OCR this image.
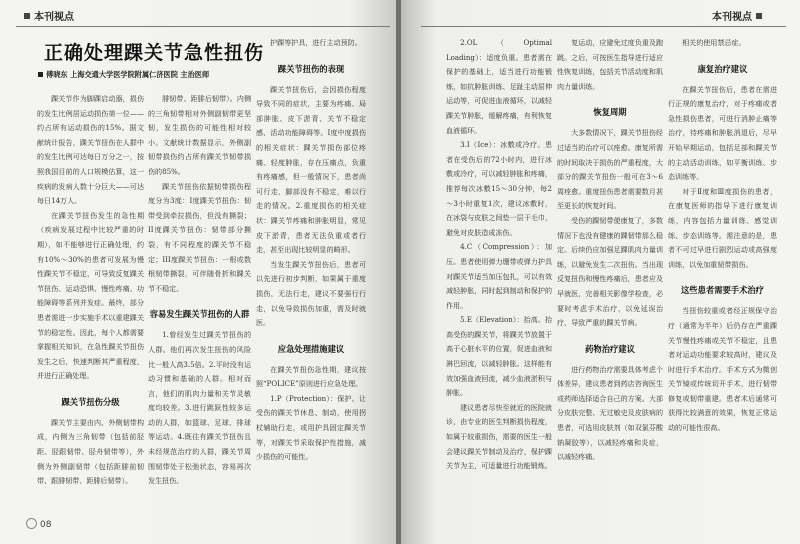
本刊视点
正确处理踝关节急性扭伤
傅晓东 上海交通大学医学院附属仁济医院 主治医师

踝关节作为脚踝启动器，损伤的发生比例居运动损伤第一位——约占所有运动损伤的15%。据文献统计报告，踝关节扭伤在人群中的发生比例可达每日万分之一，按照我国目前的人口规模估算，这一疾病的发病人数十分巨大——可达每日14万人。

在踝关节扭伤发生的急性期（疾病发展过程中比较严重的时期），如不能够进行正确处理，约有10%～30%的患者可发展为慢性踝关节不稳定，可导致反复踝关节扭伤、运动恐惧、慢性疼痛、功能障碍等系列并发症。最终，部分患者需进一步实施手术以重建踝关节的稳定性。因此，每个人都需要掌握相关知识，在急性踝关节扭伤发生之后，快速判断其严重程度，并进行正确处理。

踝关节扭伤分级

踝关节主要由内、外侧韧带构成，内侧为三角韧带（包括前胫距、胫跟韧带、胫舟韧带等），外侧为外侧副韧带（包括距腓前韧带、跟腓韧带、距腓后韧带）。

腓韧带、距腓后韧带）。内侧的三角韧带相对外侧副韧带更坚韧，发生损伤的可能性相对较小。文献统计数据显示，外侧副韧带损伤约占所有踝关节韧带损伤的85%。

踝关节扭伤依据韧带损伤程度分为3度：I度踝关节扭伤：韧带受到牵拉损伤，但没有撕裂；II度踝关节扭伤：韧带部分撕裂，有不同程度的踝关节不稳定；III度踝关节扭伤：一根或数根韧带撕裂，可伴随骨折和踝关节不稳定。

容易发生踝关节扭伤的人群

1.曾经发生过踝关节扭伤的人群。他们再次发生扭伤的风险比一般人高3.5倍。2.平时没有运动习惯和基础的人群。相对而言，他们的肌肉力量和关节灵敏度均较差。3.进行跳跃性较多运动的人群，如篮球、足球、排球等运动。4.既往有踝关节扭伤且未经规范治疗的人群，踝关节周围韧带处于松弛状态，容易再次发生扭伤。

护踝等护具，进行主动预防。

踝关节扭伤的表现

踝关节扭伤后，会因损伤程度导致不同的症状，主要为疼痛、局部肿胀、皮下淤青、关节不稳定感、活动功能障碍等。I度中度损伤的相关症状：踝关节损伤部位疼痛、轻度肿胀，存在压痛点，负重有疼痛感，但一般情况下，患者尚可行走，脚部没有不稳定，难以行走的情况。2.重度损伤的相关症状：踝关节疼痛和肿胀明显，常见皮下淤青，患者无法负重或者行走，甚至出现比较明显的畸形。

当发生踝关节扭伤后，患者可以先进行初步判断，如果属于重度损伤，无法行走，建议不要强行行走，以免导致损伤加重，需及时就医。

应急处理措施建议

在踝关节扭伤急性期，建议按照“POLICE”原则进行应急处理。

1.P（Protection）：保护。让受伤的踝关节休息、制动，使用拐杖辅助行走，或用护具固定踝关节等，对踝关节采取保护性措施，减少损伤的可能性。

08
本刊视点

2.OL（Optimal Loading）：适度负重。患者需在保护的基础上，适当进行功能锻炼，如抗肿胀训练、足趾主动屈伸运动等，可促进血液循环，以减轻踝关节肿胀，缓解疼痛，有利恢复血液循环。

3.I（Ice）：冰敷或冷疗。患者在受伤后的72小时内，进行冰敷或冷疗，可以减轻肿胀和疼痛，推荐每次冰敷15～30分钟，每2～3小时重复1次，建议冰敷时，在冰袋与皮肤之间垫一层干毛巾，避免对皮肤造成冻伤。

4.C（Compression）：加压。患者使用弹力绷带或弹力护具对踝关节适当加压包扎，可以有效减轻肿胀，同时起到制动和保护的作用。

5.E（Elevation）：抬高。抬高受伤的踝关节，将踝关节放置于高于心脏水平的位置，促进血液和淋巴回流，以减轻肿胀。这样能有效加强血液回流，减少血液淤积与肿胀。

建议患者尽快至就近的医院就诊，由专业的医生判断损伤程度，如属于较重损伤，需要的医生一般会建议踝关节制动及治疗，保护踝关节为主，可适量进行功能锻炼。

复运动，应避免过度负重及跑跳。之后，可按医生指导进行适应性恢复训练，包括关节活动度和肌肉力量训练。

恢复周期

大多数情况下，踝关节扭伤经过适当的治疗可以痊愈。康复所需的时间取决于损伤的严重程度，大部分的踝关节扭伤一般可在3～6周痊愈。重度扭伤患者需要数月甚至更长的恢复时间。

受伤的踝韧带便康复了，多数情况下也没有健康的踝韧带那么稳定。后续仍应加强足踝肌肉力量训练，以避免发生二次扭伤。当出现反复扭伤和慢性疼痛后，患者应及早就医，完善相关影像学检查，必要时考虑手术治疗，以免延误治疗，导致严重的踝关节病。

药物治疗建议

进行药物治疗需要具体考虑个体差异，建议患者到药店咨询医生或药师选择适合自己的方案。大部分皮肤完整、无过敏史及皮肤病的患者，可选用皮肤剂（如双氯芬酸钠凝胶等），以减轻疼痛和炎症，以减轻疼痛。

相关的使用禁忌症。

康复治疗建议

在踝关节扭伤后，患者在需进行正规的康复治疗，对于疼痛或者急性损伤患者，可进行消肿止痛等治疗，待疼痛和肿胀消退后，尽早开始早期运动，包括足部和踝关节的主动活动训练，如平衡训练、步态训练等。

对于Ⅱ度和Ⅲ度损伤的患者，在康复医师的指导下进行康复训练，内容包括力量训练、感觉训练、步态训练等。需注意的是，患者不可过早进行剧烈运动或高强度训练，以免加重韧带损伤。

这些患者需要手术治疗

当扭伤较重或者经正规保守治疗（通常为半年）后仍存在严重踝关节慢性疼痛或关节不稳定，且患者对运动功能要求较高时，建议及时进行手术治疗。手术方式为微创关节镜或传统切开手术，进行韧带修复或韧带重建。患者术后通常可获得比较满意的效果，恢复正常运动的可能性很高。
